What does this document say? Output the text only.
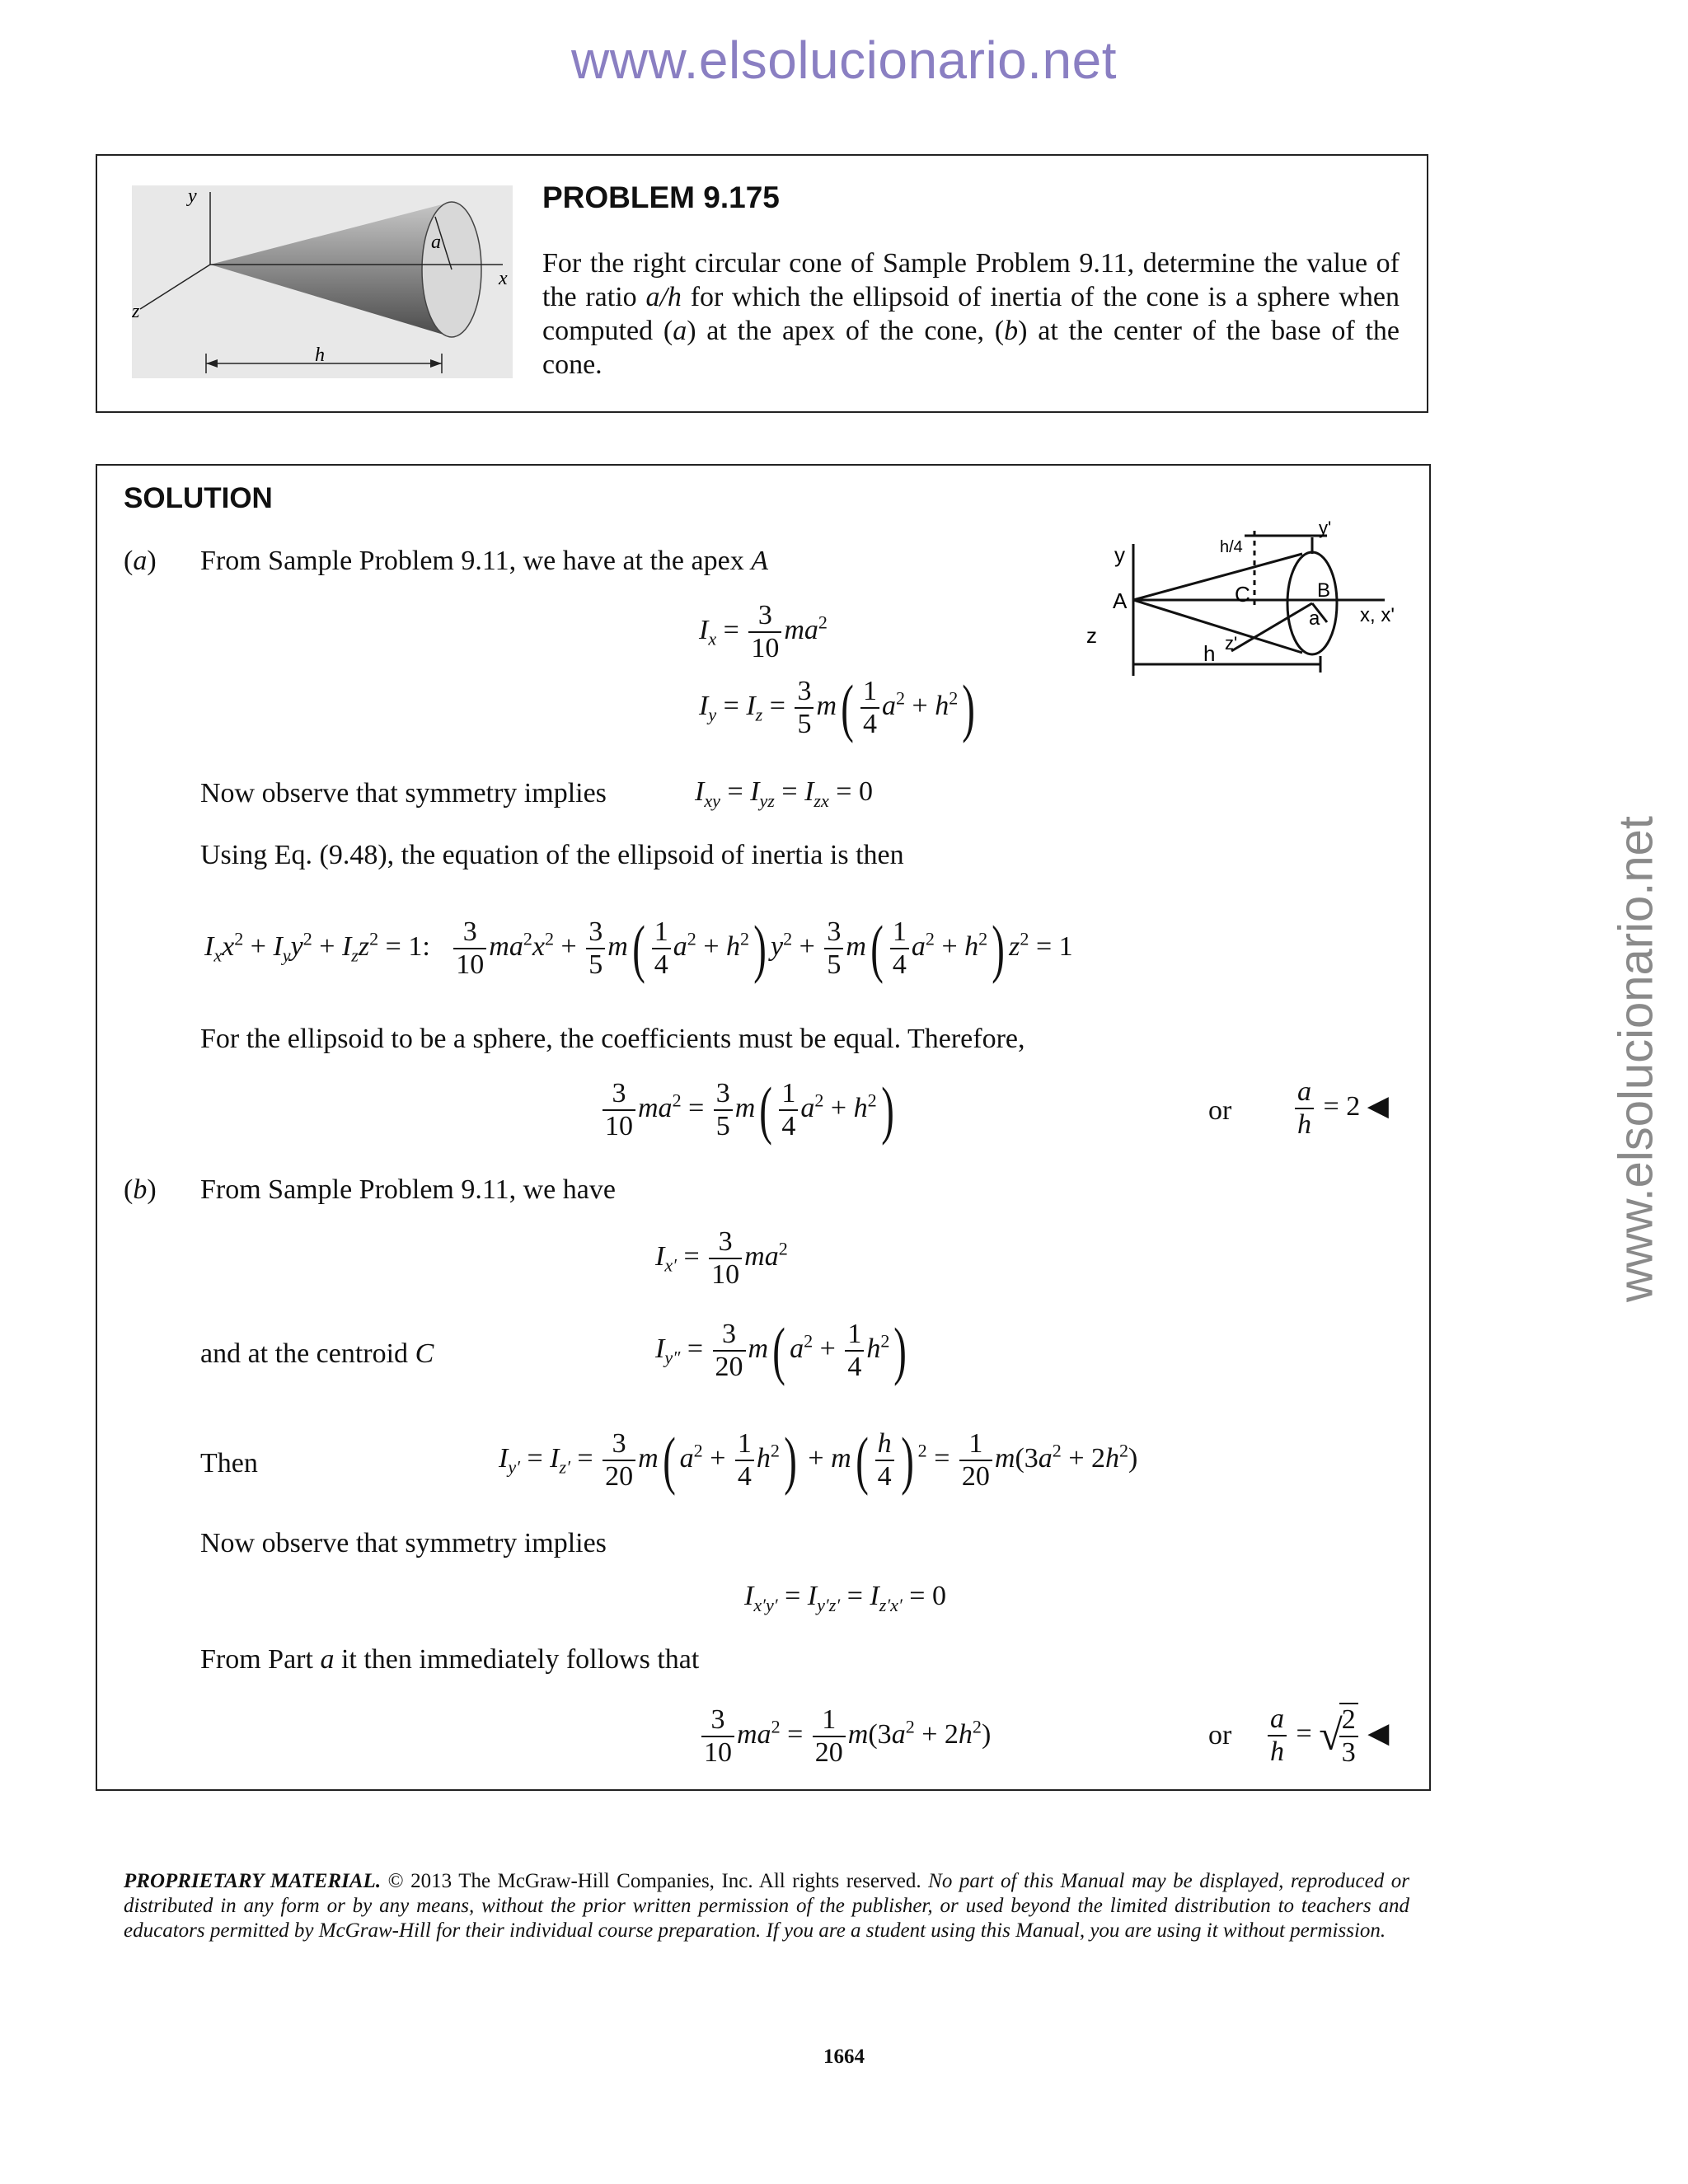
www.elsolucionario.net
www.elsolucionario.net
y
x
z
a
h
PROBLEM 9.175
For the right circular cone of Sample Problem 9.11, determine the value of the ratio a/h for which the ellipsoid of inertia of the cone is a sphere when computed (a) at the apex of the cone, (b) at the center of the base of the cone.
SOLUTION
y
A
z
C	B
a x, x'
y'
h/4
z'
h
(a) From Sample Problem 9.11, we have at the apex A
$I_x = \frac{3}{10} ma^2$
$I_y = I_z = \frac{3}{5} m( \frac{1}{4} a^2 + h^2)$
Now observe that symmetry implies	$I_{xy} = I_{yz} = I_{zx} = 0$
Using Eq. (9.48), the equation of the ellipsoid of inertia is then
$I_xx^2 + I_yy^2 + I_zz^2 = 1$: $\frac{3}{10} ma^2x^2 + \frac{3}{5} m( \frac{1}{4} a^2 + h^2) y^2 + \frac{3}{5} m( \frac{1}{4} a^2 + h^2) z^2 = 1$
For the ellipsoid to be a sphere, the coefficients must be equal. Therefore,
$\frac{3}{10} ma^2 = \frac{3}{5} m( \frac{1}{4} a^2 + h^2)$	or $\frac{a}{h} = 2$ ◀
(b) From Sample Problem 9.11, we have
$I_{x'} = \frac{3}{10} ma^2$
and at the centroid C	$I_{y''} = \frac{3}{20} m$( $a^2 + \frac{1}{4} h^2$)
Then	$I_{y'} = I_{z'} = \frac{3}{20} m$( $a^2 + \frac{1}{4} h^2) + m( \frac{h}{4}$ ) $^2 = \frac{1}{20} m(3a^2 + 2h^2)$
Now observe that symmetry implies
$I_{x'y'} = I_{y'z'} = I_{z'x'} = 0$
From Part a it then immediately follows that
$\frac{3}{10} ma^2 = \frac{1}{20} m(3a^2 + 2h^2)$	or $\frac{a}{h}$ = √
$\frac{2}{3}$ ◀
PROPRIETARY MATERIAL. © 2013 The McGraw-Hill Companies, Inc. All rights reserved. No part of this Manual may be displayed, reproduced or distributed in any form or by any means, without the prior written permission of the publisher, or used beyond the limited distribution to teachers and educators permitted by McGraw-Hill for their individual course preparation. If you are a student using this Manual, you are using it without permission.
1664
